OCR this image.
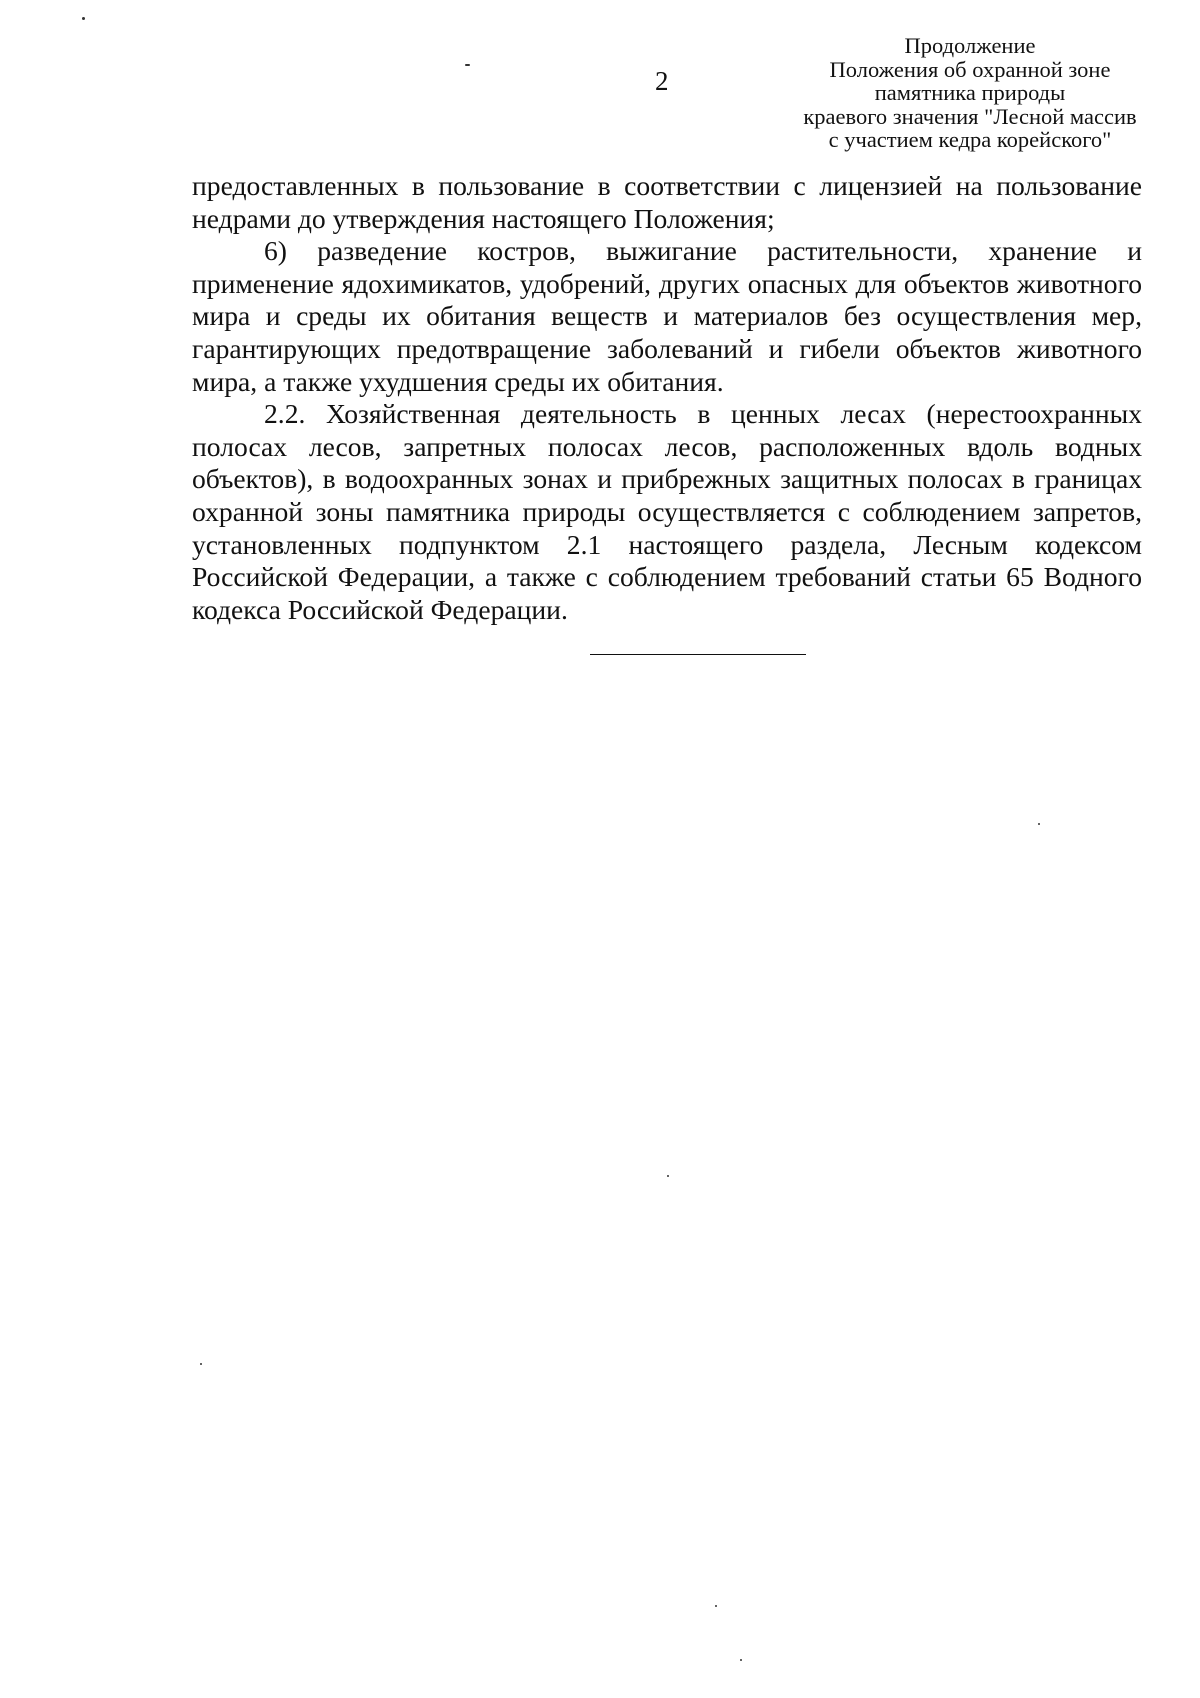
2
Продолжение
Положения об охранной зоне
памятника природы
краевого значения "Лесной массив
с участием кедра корейского"

предоставленных в пользование в соответствии с лицензией на пользование недрами до утверждения настоящего Положения;

6) разведение костров, выжигание растительности, хранение и применение ядохимикатов, удобрений, других опасных для объектов животного мира и среды их обитания веществ и материалов без осуществления мер, гарантирующих предотвращение заболеваний и гибели объектов животного мира, а также ухудшения среды их обитания.

2.2. Хозяйственная деятельность в ценных лесах (нерестоохранных полосах лесов, запретных полосах лесов, расположенных вдоль водных объектов), в водоохранных зонах и прибрежных защитных полосах в границах охранной зоны памятника природы осуществляется с соблюдением запретов, установленных подпунктом 2.1 настоящего раздела, Лесным кодексом Российской Федерации, а также с соблюдением требований статьи 65 Водного кодекса Российской Федерации.
